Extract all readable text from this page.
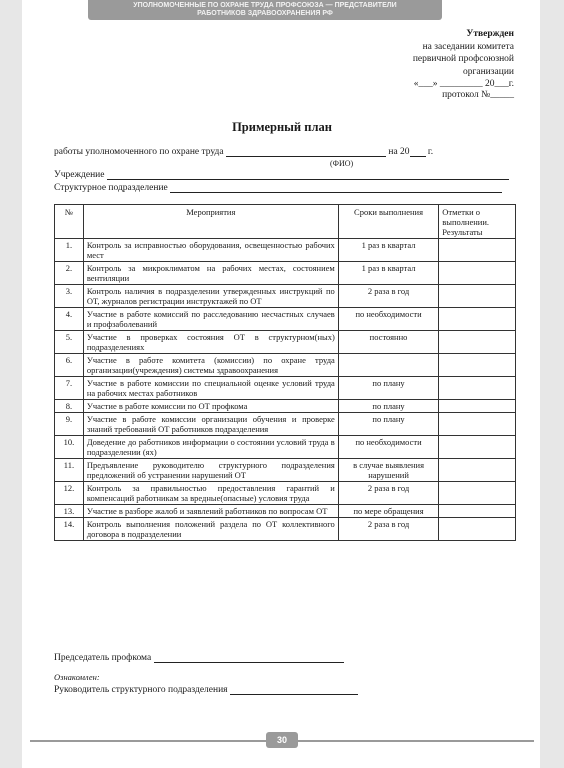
УПОЛНОМОЧЕННЫЕ ПО ОХРАНЕ ТРУДА ПРОФСОЮЗА — ПРЕДСТАВИТЕЛИ
РАБОТНИКОВ ЗДРАВООХРАНЕНИЯ РФ
Утвержден
на заседании комитета
первичной профсоюзной организации
«___» _________ 20___г.
протокол №_____
Примерный план
работы уполномоченного по охране труда	на 20 г.
(ФИО)
Учреждение
Структурное подразделение
№	Мероприятия	Сроки выполнения	Отметки о выполнении. Результаты
1.	Контроль за исправностью оборудования, освещенностью рабочих мест	1 раз в квартал	
2.	Контроль за микроклиматом на рабочих местах, состоянием вентиляции	1 раз в квартал	
3.	Контроль наличия в подразделении утвержденных инструкций по ОТ, журналов регистрации инструктажей по ОТ	2 раза в год	
4.	Участие в работе комиссий по расследованию несчастных случаев и профзаболеваний	по необходимости	
5.	Участие в проверках состояния ОТ в структурном(ных) подразделениях	постоянно	
6.	Участие в работе комитета (комиссии) по охране труда организации(учреждения) системы здравоохранения		
7.	Участие в работе комиссии по специальной оценке условий труда на рабочих местах работников	по плану	
8.	Участие в работе комиссии по ОТ профкома	по плану	
9.	Участие в работе комиссии организации обучения и проверке знаний требований ОТ работников подразделения	по плану	
10.	Доведение до работников информации о состоянии условий труда в подразделении (ях)	по необходимости	
11.	Предъявление руководителю структурного подразделения предложений об устранении нарушений ОТ	в случае выявления нарушений	
12.	Контроль за правильностью предоставления гарантий и компенсаций работникам за вредные(опасные) условия труда	2 раза в год	
13.	Участие в разборе жалоб и заявлений работников по вопросам ОТ	по мере обращения	
14.	Контроль выполнения положений раздела по ОТ коллективного договора в подразделении	2 раза в год	
Председатель профкома
Ознакомлен:
Руководитель структурного подразделения
30
